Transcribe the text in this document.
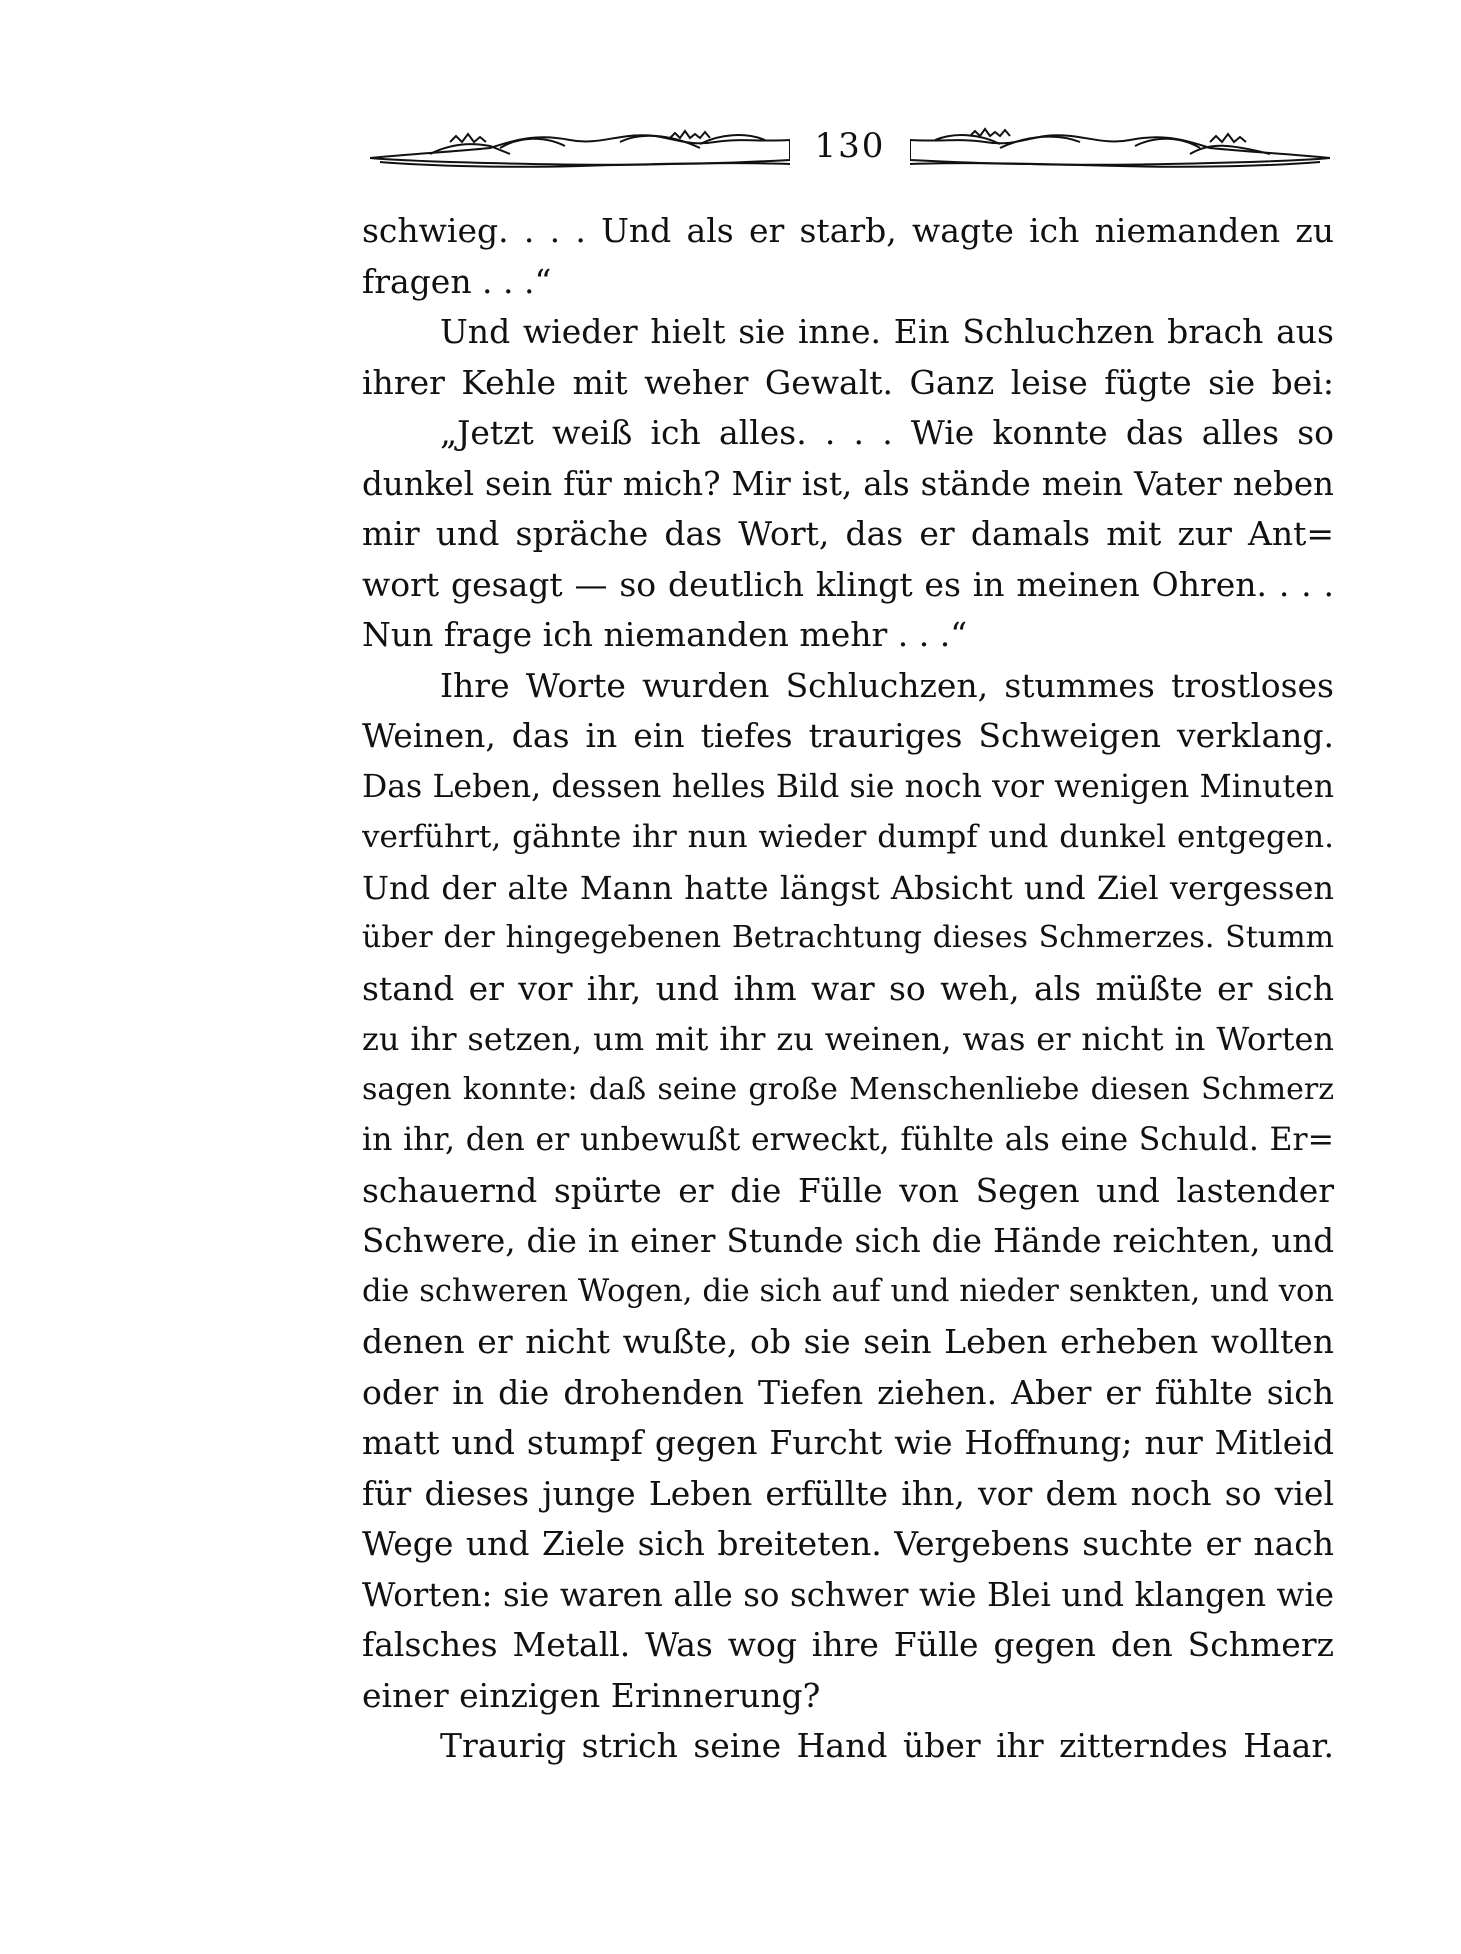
130
schwieg. . . . Und als er starb, wagte ich niemanden zu
fragen . . .“
Und wieder hielt sie inne. Ein Schluchzen brach aus
ihrer Kehle mit weher Gewalt. Ganz leise fügte sie bei:
„Jetzt weiß ich alles. . . . Wie konnte das alles so
dunkel sein für mich? Mir ist, als stände mein Vater neben
mir und spräche das Wort, das er damals mit zur Ant=
wort gesagt — so deutlich klingt es in meinen Ohren. . . .
Nun frage ich niemanden mehr . . .“
Ihre Worte wurden Schluchzen, stummes trostloses
Weinen, das in ein tiefes trauriges Schweigen verklang.
Das Leben, dessen helles Bild sie noch vor wenigen Minuten
verführt, gähnte ihr nun wieder dumpf und dunkel entgegen.
Und der alte Mann hatte längst Absicht und Ziel vergessen
über der hingegebenen Betrachtung dieses Schmerzes. Stumm
stand er vor ihr, und ihm war so weh, als müßte er sich
zu ihr setzen, um mit ihr zu weinen, was er nicht in Worten
sagen konnte: daß seine große Menschenliebe diesen Schmerz
in ihr, den er unbewußt erweckt, fühlte als eine Schuld. Er=
schauernd spürte er die Fülle von Segen und lastender
Schwere, die in einer Stunde sich die Hände reichten, und
die schweren Wogen, die sich auf und nieder senkten, und von
denen er nicht wußte, ob sie sein Leben erheben wollten
oder in die drohenden Tiefen ziehen. Aber er fühlte sich
matt und stumpf gegen Furcht wie Hoffnung; nur Mitleid
für dieses junge Leben erfüllte ihn, vor dem noch so viel
Wege und Ziele sich breiteten. Vergebens suchte er nach
Worten: sie waren alle so schwer wie Blei und klangen wie
falsches Metall. Was wog ihre Fülle gegen den Schmerz
einer einzigen Erinnerung?
Traurig strich seine Hand über ihr zitterndes Haar.
